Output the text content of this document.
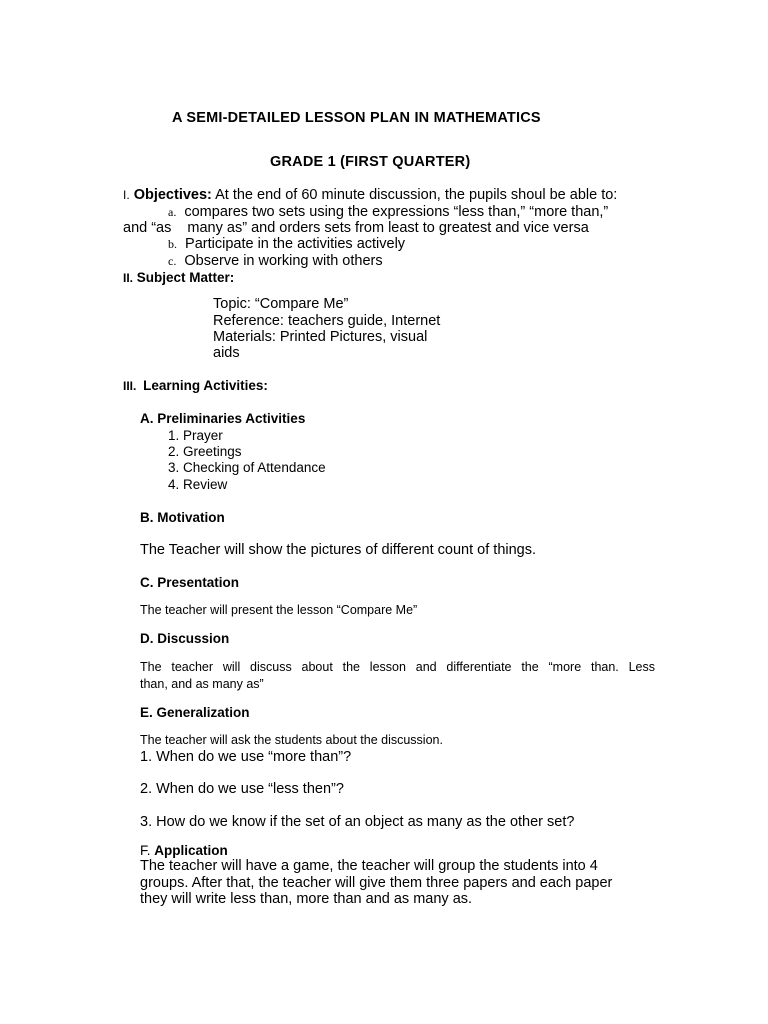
A SEMI-DETAILED LESSON PLAN IN MATHEMATICS
GRADE 1 (FIRST QUARTER)
I. Objectives: At the end of 60 minute discussion, the pupils shoul be able to:
a. compares two sets using the expressions “less than,” “more than,”
and “as many as” and orders sets from least to greatest and vice versa
b. Participate in the activities actively
c. Observe in working with others
II. Subject Matter:
Topic: “Compare Me”
Reference: teachers guide, Internet
Materials: Printed Pictures, visual
aids
III. Learning Activities:
A. Preliminaries Activities
1. Prayer
2. Greetings
3. Checking of Attendance
4. Review
B. Motivation
The Teacher will show the pictures of different count of things.
C. Presentation
The teacher will present the lesson “Compare Me”
D. Discussion
The teacher will discuss about the lesson and differentiate the “more than. Less
than, and as many as”
E. Generalization
The teacher will ask the students about the discussion.
1. When do we use “more than”?
2. When do we use “less then”?
3. How do we know if the set of an object as many as the other set?
F. Application
The teacher will have a game, the teacher will group the students into 4
groups. After that, the teacher will give them three papers and each paper
they will write less than, more than and as many as.
